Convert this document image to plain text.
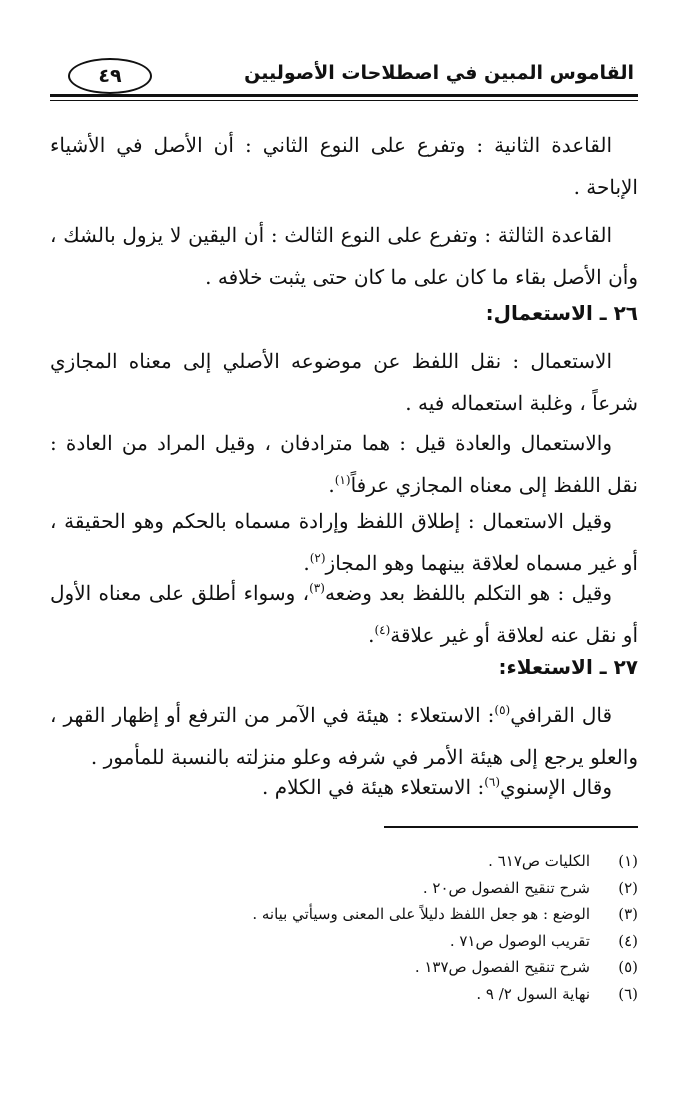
٤٩	القاموس المبين في اصطلاحات الأصوليين
القاعدة الثانية : وتفرع على النوع الثاني : أن الأصل في الأشياء الإباحة .
القاعدة الثالثة : وتفرع على النوع الثالث : أن اليقين لا يزول بالشك ، وأن الأصل بقاء ما كان على ما كان حتى يثبت خلافه .
٢٦ ـ الاستعمال:
الاستعمال : نقل اللفظ عن موضوعه الأصلي إلى معناه المجازي شرعاً ، وغلبة استعماله فيه .
والاستعمال والعادة قيل : هما مترادفان ، وقيل المراد من العادة : نقل اللفظ إلى معناه المجازي عرفاً$^{(١)}$.
وقيل الاستعمال : إطلاق اللفظ وإرادة مسماه بالحكم وهو الحقيقة ، أو غير مسماه لعلاقة بينهما وهو المجاز$^{(٢)}$.
وقيل : هو التكلم باللفظ بعد وضعه$^{(٣)}$، وسواء أطلق على معناه الأول أو نقل عنه لعلاقة أو غير علاقة$^{(٤)}$.
٢٧ ـ الاستعلاء:
قال القرافي$^{(٥)}$: الاستعلاء : هيئة في الآمر من الترفع أو إظهار القهر ، والعلو يرجع إلى هيئة الأمر في شرفه وعلو منزلته بالنسبة للمأمور .
وقال الإسنوي$^{(٦)}$: الاستعلاء هيئة في الكلام .
(١)الكليات ص٦١٧ .
(٢)شرح تنقيح الفصول ص٢٠ .
(٣)الوضع : هو جعل اللفظ دليلاً على المعنى وسيأتي بيانه .
(٤)تقريب الوصول ص٧١ .
(٥)شرح تنقيح الفصول ص١٣٧ .
(٦)نهاية السول ٢/ ٩ .
